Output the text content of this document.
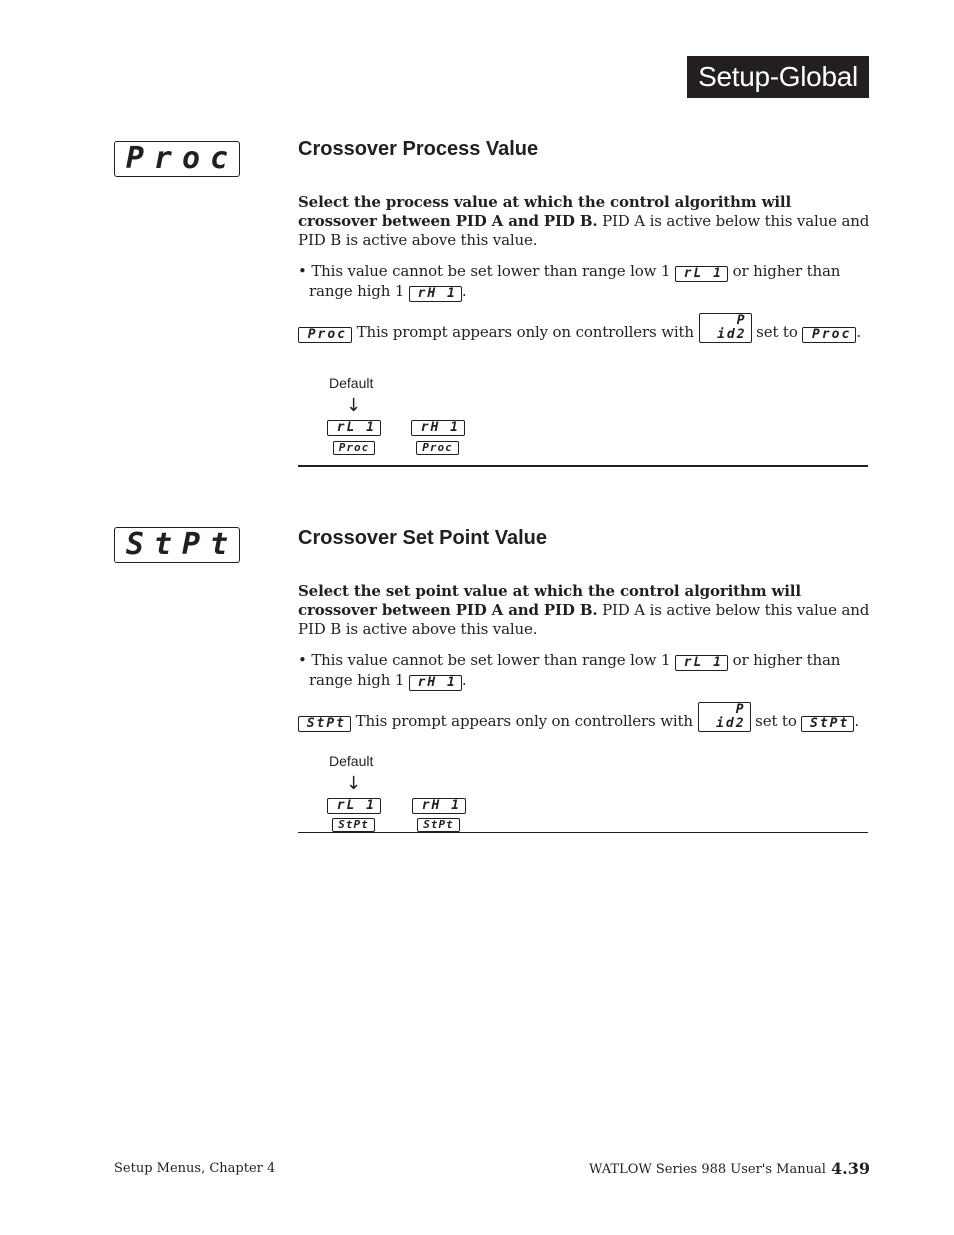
Setup-Global
Proc	Crossover Process Value

Select the process value at which the control algorithm will crossover between PID A and PID B. PID A is active below this value and PID B is active above this value.

• This value cannot be set lower than range low 1 rL 1 or higher than range high 1 rH 1 .

Proc This prompt appears only on controllers with P id2 set to Proc .

Default
↓
rL 1
Proc
rH 1
Proc
StPt	Crossover Set Point Value

Select the set point value at which the control algorithm will crossover between PID A and PID B. PID A is active below this value and PID B is active above this value.

• This value cannot be set lower than range low 1 rL 1 or higher than range high 1 rH 1 .

StPt This prompt appears only on controllers with P id2 set to StPt .

Default
↓
rL 1
StPt
rH 1
StPt
Setup Menus, Chapter 4	WATLOW Series 988 User's Manual 4.39
